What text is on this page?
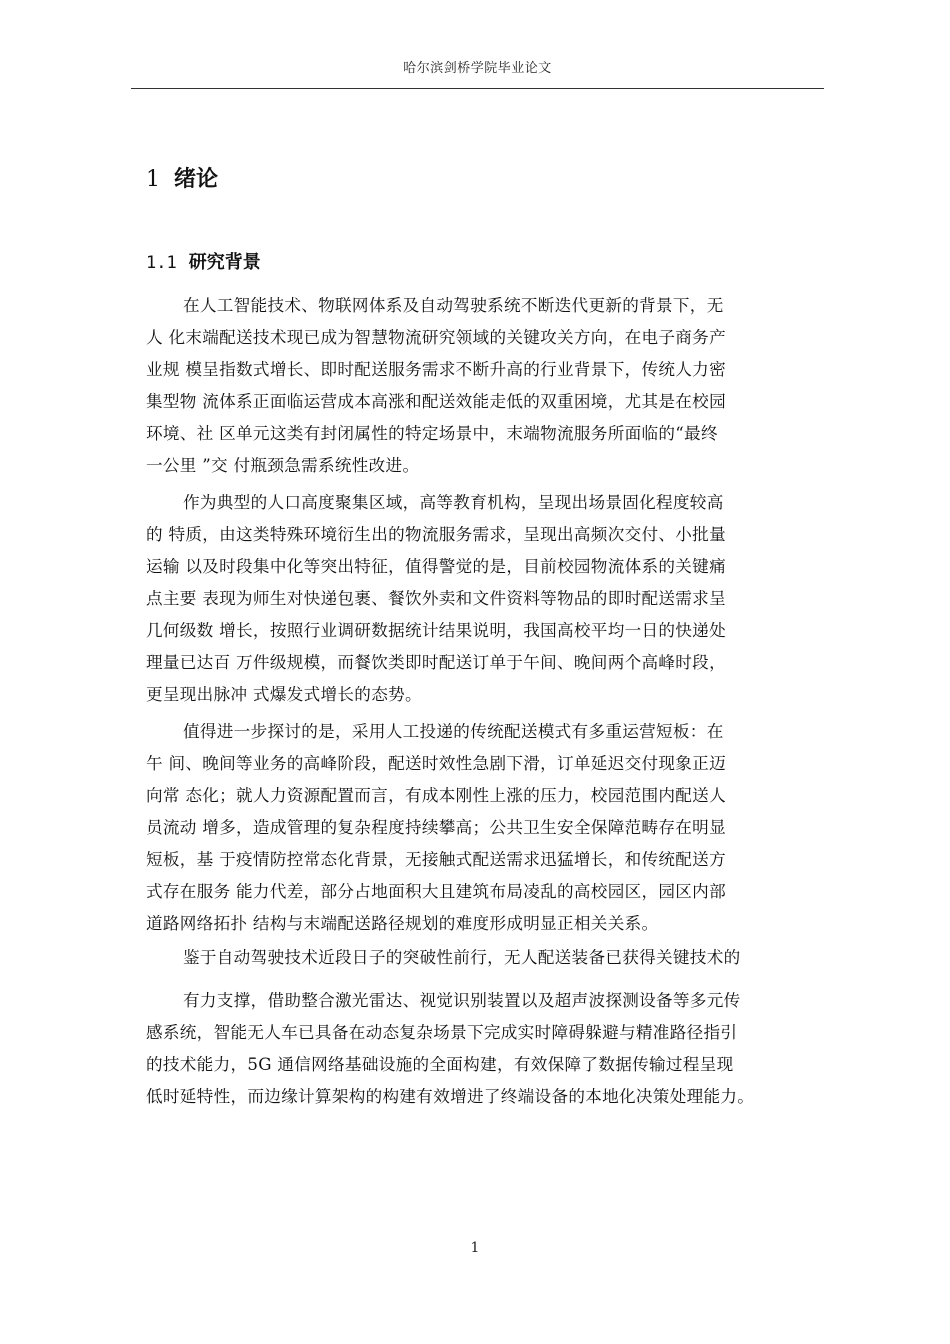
哈尔滨剑桥学院毕业论文
1 绪论
1.1 研究背景
在人工智能技术、物联网体系及自动驾驶系统不断迭代更新的背景下，无
人 化末端配送技术现已成为智慧物流研究领域的关键攻关方向，在电子商务产
业规 模呈指数式增长、即时配送服务需求不断升高的行业背景下，传统人力密
集型物 流体系正面临运营成本高涨和配送效能走低的双重困境，尤其是在校园
环境、社 区单元这类有封闭属性的特定场景中，末端物流服务所面临的“最终
一公里 ”交 付瓶颈急需系统性改进。
作为典型的人口高度聚集区域，高等教育机构，呈现出场景固化程度较高
的 特质，由这类特殊环境衍生出的物流服务需求，呈现出高频次交付、小批量
运输 以及时段集中化等突出特征，值得警觉的是，目前校园物流体系的关键痛
点主要 表现为师生对快递包裹、餐饮外卖和文件资料等物品的即时配送需求呈
几何级数 增长，按照行业调研数据统计结果说明，我国高校平均一日的快递处
理量已达百 万件级规模，而餐饮类即时配送订单于午间、晚间两个高峰时段，
更呈现出脉冲 式爆发式增长的态势。
值得进一步探讨的是，采用人工投递的传统配送模式有多重运营短板：在
午 间、晚间等业务的高峰阶段，配送时效性急剧下滑，订单延迟交付现象正迈
向常 态化；就人力资源配置而言，有成本刚性上涨的压力，校园范围内配送人
员流动 增多，造成管理的复杂程度持续攀高；公共卫生安全保障范畴存在明显
短板，基 于疫情防控常态化背景，无接触式配送需求迅猛增长，和传统配送方
式存在服务 能力代差，部分占地面积大且建筑布局凌乱的高校园区，园区内部
道路网络拓扑 结构与末端配送路径规划的难度形成明显正相关关系。
鉴于自动驾驶技术近段日子的突破性前行，无人配送装备已获得关键技术的
有力支撑，借助整合激光雷达、视觉识别装置以及超声波探测设备等多元传
感系统，智能无人车已具备在动态复杂场景下完成实时障碍躲避与精准路径指引
的技术能力，5G 通信网络基础设施的全面构建，有效保障了数据传输过程呈现
低时延特性，而边缘计算架构的构建有效增进了终端设备的本地化决策处理能力。
1
